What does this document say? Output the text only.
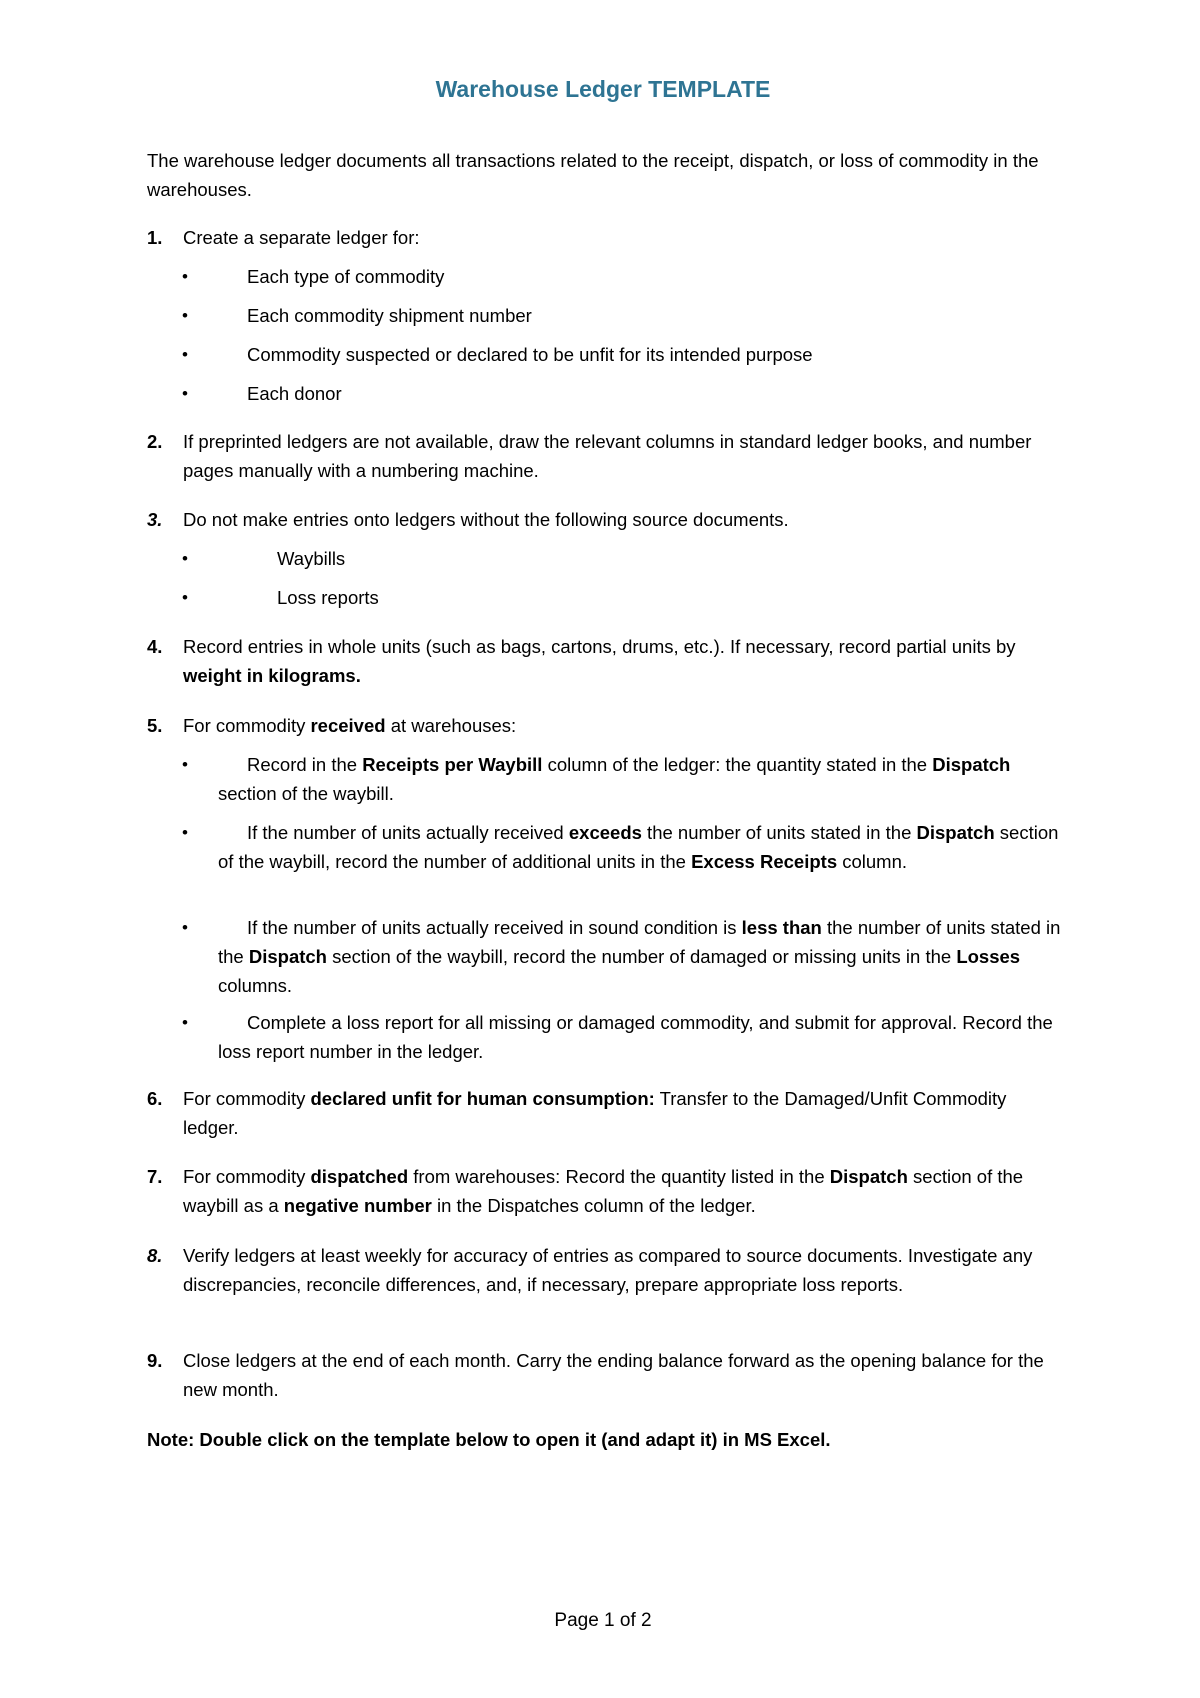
Warehouse Ledger TEMPLATE
The warehouse ledger documents all transactions related to the receipt, dispatch, or loss of commodity in the warehouses.
1. Create a separate ledger for:
•	Each type of commodity
•	Each commodity shipment number
•	Commodity suspected or declared to be unfit for its intended purpose
•	Each donor
2. If preprinted ledgers are not available, draw the relevant columns in standard ledger books, and number pages manually with a numbering machine.
3. Do not make entries onto ledgers without the following source documents.
•	Waybills
•	Loss reports
4. Record entries in whole units (such as bags, cartons, drums, etc.). If necessary, record partial units by weight in kilograms.
5. For commodity received at warehouses:
•	Record in the Receipts per Waybill column of the ledger: the quantity stated in the Dispatch section of the waybill.
•	If the number of units actually received exceeds the number of units stated in the Dispatch section of the waybill, record the number of additional units in the Excess Receipts column.
•	If the number of units actually received in sound condition is less than the number of units stated in the Dispatch section of the waybill, record the number of damaged or missing units in the Losses columns.
•	Complete a loss report for all missing or damaged commodity, and submit for approval. Record the loss report number in the ledger.
6. For commodity declared unfit for human consumption: Transfer to the Damaged/Unfit Commodity ledger.
7. For commodity dispatched from warehouses: Record the quantity listed in the Dispatch section of the waybill as a negative number in the Dispatches column of the ledger.
8. Verify ledgers at least weekly for accuracy of entries as compared to source documents. Investigate any discrepancies, reconcile differences, and, if necessary, prepare appropriate loss reports.
9. Close ledgers at the end of each month. Carry the ending balance forward as the opening balance for the new month.
Note: Double click on the template below to open it (and adapt it) in MS Excel.
Page 1 of 2
